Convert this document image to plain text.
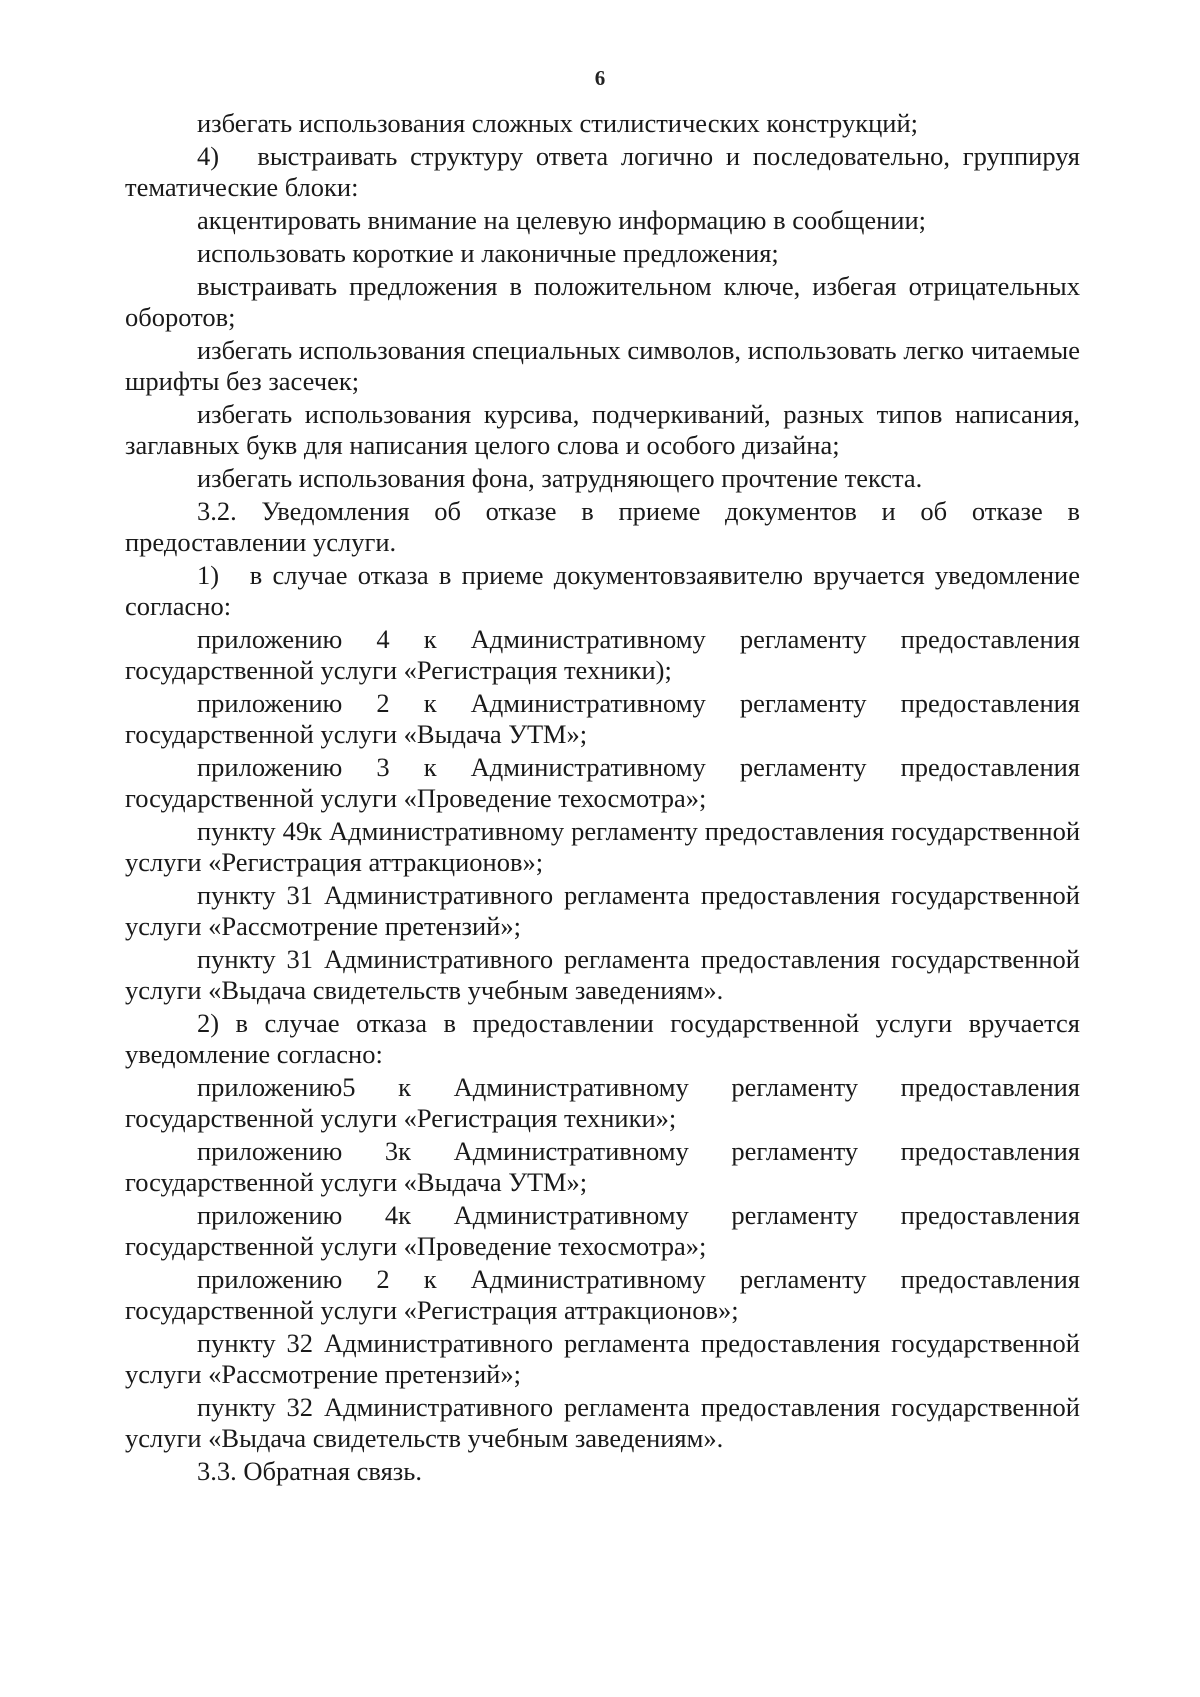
6

избегать использования сложных стилистических конструкций;

4)   выстраивать структуру ответа логично и последовательно, группируя тематические блоки:

акцентировать внимание на целевую информацию в сообщении;

использовать короткие и лаконичные предложения;

выстраивать предложения в положительном ключе, избегая отрицательных оборотов;

избегать использования специальных символов, использовать легко читаемые шрифты без засечек;

избегать использования курсива, подчеркиваний, разных типов написания, заглавных букв для написания целого слова и особого дизайна;

избегать использования фона, затрудняющего прочтение текста.

3.2. Уведомления об отказе в приеме документов и об отказе в предоставлении услуги.

1)   в случае отказа в приеме документовзаявителю вручается уведомление согласно:

приложению 4 к Административному регламенту предоставления государственной услуги «Регистрация техники);

приложению 2 к Административному регламенту предоставления государственной услуги «Выдача УТМ»;

приложению 3 к Административному регламенту предоставления государственной услуги «Проведение техосмотра»;

пункту 49к Административному регламенту предоставления государственной услуги «Регистрация аттракционов»;

пункту 31 Административного регламента предоставления государственной услуги «Рассмотрение претензий»;

пункту 31 Административного регламента предоставления государственной услуги «Выдача свидетельств учебным заведениям».

2) в случае отказа в предоставлении государственной услуги вручается уведомление согласно:

приложению5 к Административному регламенту предоставления государственной услуги «Регистрация техники»;

приложению 3к Административному регламенту предоставления государственной услуги «Выдача УТМ»;

приложению 4к Административному регламенту предоставления государственной услуги «Проведение техосмотра»;

приложению 2 к Административному регламенту предоставления государственной услуги «Регистрация аттракционов»;

пункту 32 Административного регламента предоставления государственной услуги «Рассмотрение претензий»;

пункту 32 Административного регламента предоставления государственной услуги «Выдача свидетельств учебным заведениям».

3.3. Обратная связь.
